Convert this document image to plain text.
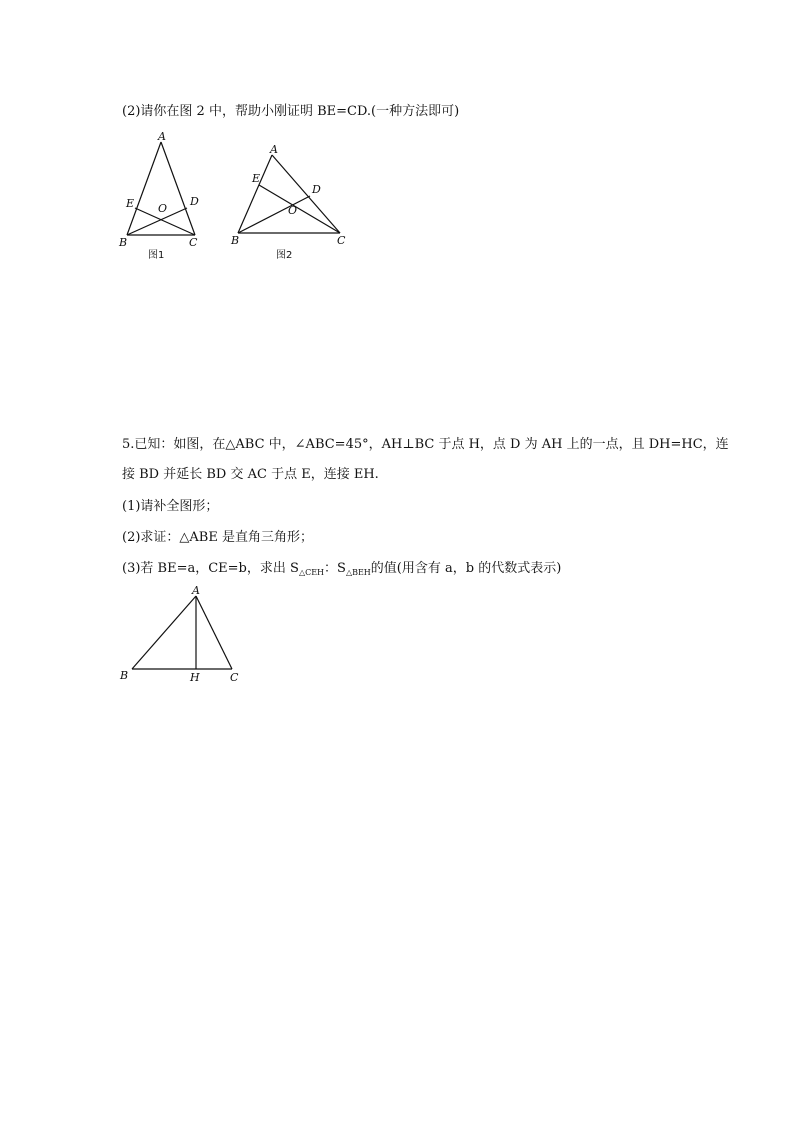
(2)请你在图 2 中，帮助小刚证明 BE=CD.(一种方法即可)
A
E	D
O
B	C
图1
A
E
D
O
B	C
图2
5.已知：如图，在△ABC 中，∠ABC=45°，AH⊥BC 于点 H，点 D 为 AH 上的一点，且 DH=HC，连
接 BD 并延长 BD 交 AC 于点 E，连接 EH.
(1)请补全图形；
(2)求证：△ABE 是直角三角形；
(3)若 BE=a，CE=b，求出 $S_{\triangle CEH}$：$S_{\triangle BEH}$的值(用含有 a，b 的代数式表示)
A
B	H	C
